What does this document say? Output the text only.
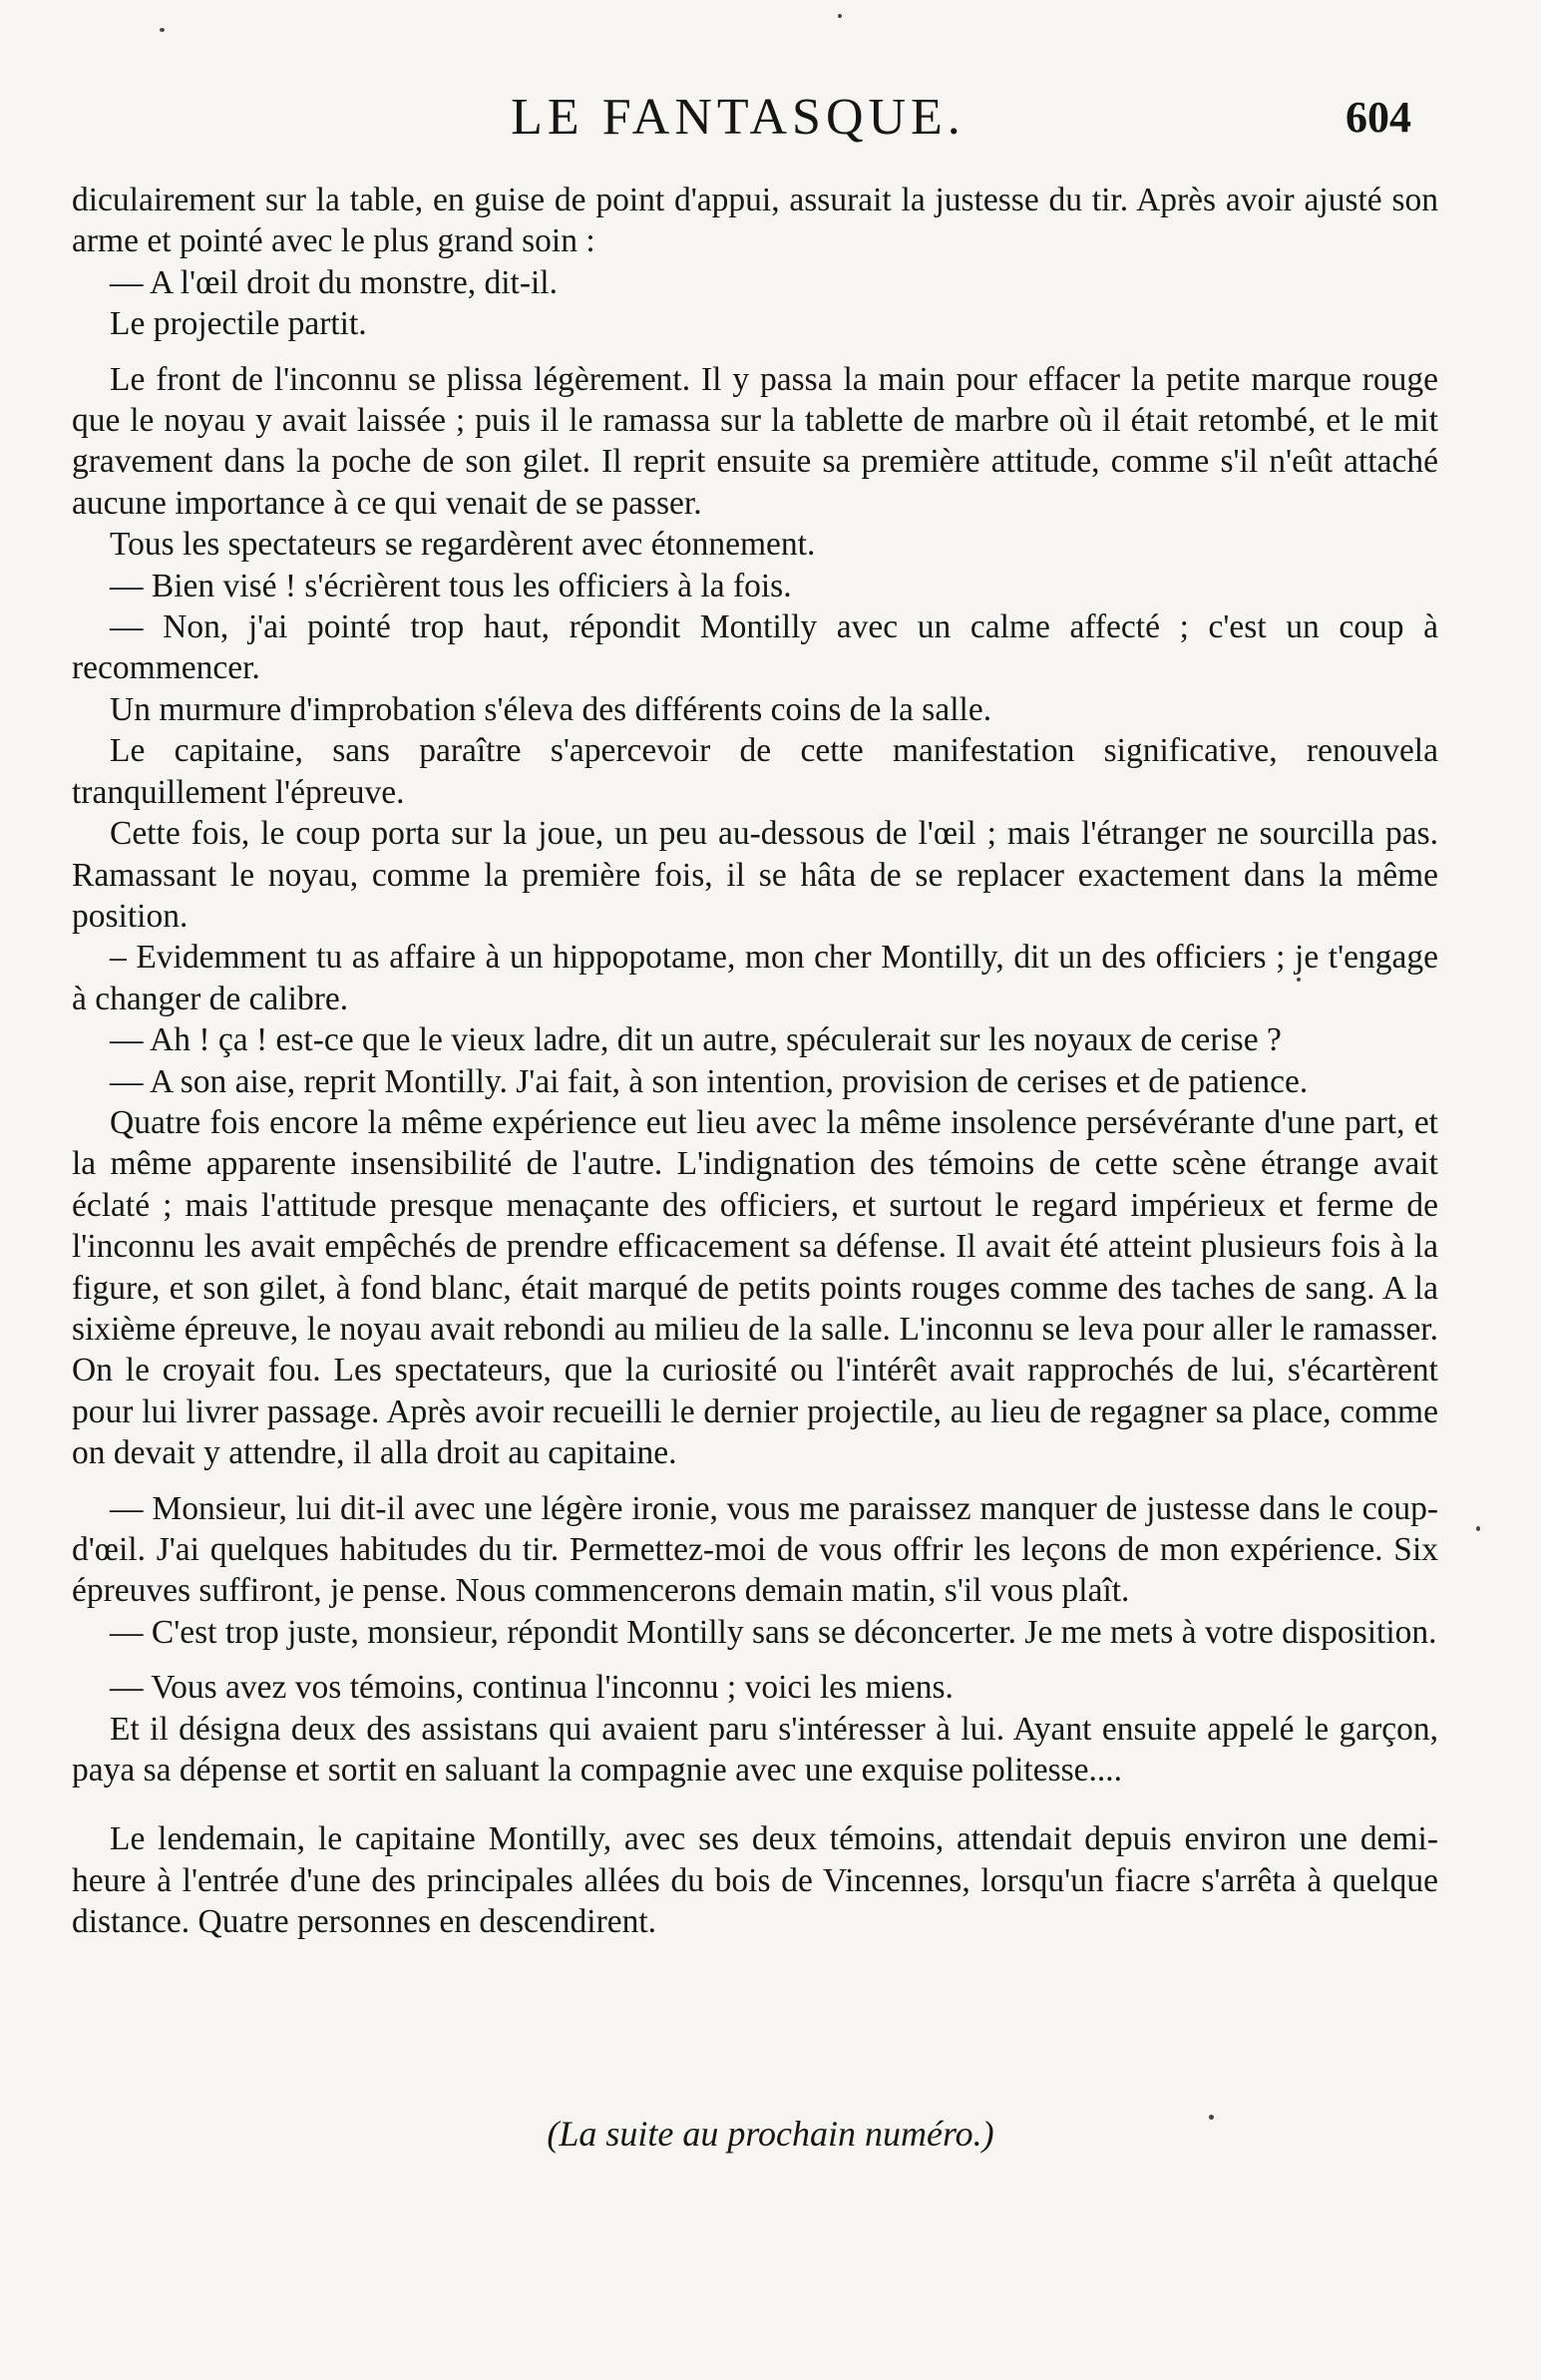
LE FANTASQUE.	604

diculairement sur la table, en guise de point d'appui, assurait la justesse du tir. Après avoir ajusté son arme et pointé avec le plus grand soin :

— A l'œil droit du monstre, dit-il.

Le projectile partit.

Le front de l'inconnu se plissa légèrement. Il y passa la main pour effacer la petite marque rouge que le noyau y avait laissée ; puis il le ramassa sur la tablette de marbre où il était retombé, et le mit gravement dans la poche de son gilet. Il reprit ensuite sa première attitude, comme s'il n'eût attaché aucune importance à ce qui venait de se passer.

Tous les spectateurs se regardèrent avec étonnement.

— Bien visé ! s'écrièrent tous les officiers à la fois.

— Non, j'ai pointé trop haut, répondit Montilly avec un calme affecté ; c'est un coup à recommencer.

Un murmure d'improbation s'éleva des différents coins de la salle.

Le capitaine, sans paraître s'apercevoir de cette manifestation significative, renouvela tranquillement l'épreuve.

Cette fois, le coup porta sur la joue, un peu au-dessous de l'œil ; mais l'étranger ne sourcilla pas. Ramassant le noyau, comme la première fois, il se hâta de se replacer exactement dans la même position.

– Evidemment tu as affaire à un hippopotame, mon cher Montilly, dit un des officiers ; je t'engage à changer de calibre.

— Ah ! ça ! est-ce que le vieux ladre, dit un autre, spéculerait sur les noyaux de cerise ?

— A son aise, reprit Montilly. J'ai fait, à son intention, provision de cerises et de patience.

Quatre fois encore la même expérience eut lieu avec la même insolence persévérante d'une part, et la même apparente insensibilité de l'autre. L'indignation des témoins de cette scène étrange avait éclaté ; mais l'attitude presque menaçante des officiers, et surtout le regard impérieux et ferme de l'inconnu les avait empêchés de prendre efficacement sa défense. Il avait été atteint plusieurs fois à la figure, et son gilet, à fond blanc, était marqué de petits points rouges comme des taches de sang. A la sixième épreuve, le noyau avait rebondi au milieu de la salle. L'inconnu se leva pour aller le ramasser. On le croyait fou. Les spectateurs, que la curiosité ou l'intérêt avait rapprochés de lui, s'écartèrent pour lui livrer passage. Après avoir recueilli le dernier projectile, au lieu de regagner sa place, comme on devait y attendre, il alla droit au capitaine.

— Monsieur, lui dit-il avec une légère ironie, vous me paraissez manquer de justesse dans le coup-d'œil. J'ai quelques habitudes du tir. Permettez-moi de vous offrir les leçons de mon expérience. Six épreuves suffiront, je pense. Nous commencerons demain matin, s'il vous plaît.

— C'est trop juste, monsieur, répondit Montilly sans se déconcerter. Je me mets à votre disposition.

— Vous avez vos témoins, continua l'inconnu ; voici les miens.

Et il désigna deux des assistans qui avaient paru s'intéresser à lui. Ayant ensuite appelé le garçon, paya sa dépense et sortit en saluant la compagnie avec une exquise politesse....

Le lendemain, le capitaine Montilly, avec ses deux témoins, attendait depuis environ une demi-heure à l'entrée d'une des principales allées du bois de Vincennes, lorsqu'un fiacre s'arrêta à quelque distance. Quatre personnes en descendirent.

(La suite au prochain numéro.)
